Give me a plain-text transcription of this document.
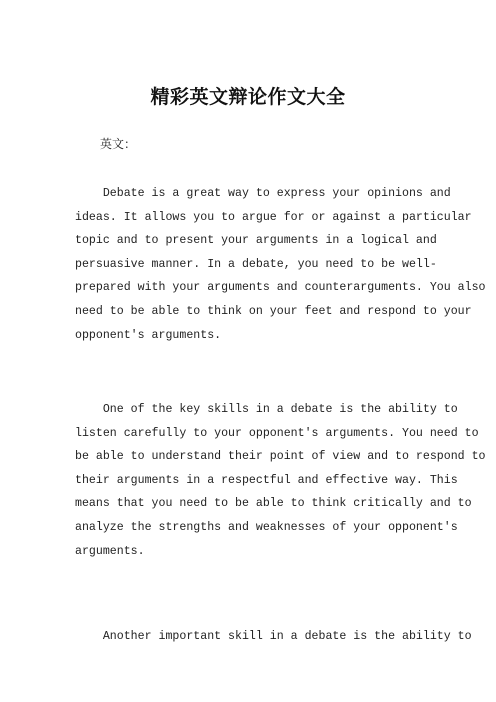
精彩英文辩论作文大全
英文：

Debate is a great way to express your opinions and
ideas. It allows you to argue for or against a particular
topic and to present your arguments in a logical and
persuasive manner. In a debate, you need to be well-
prepared with your arguments and counterarguments. You also
need to be able to think on your feet and respond to your
opponent's arguments.

One of the key skills in a debate is the ability to
listen carefully to your opponent's arguments. You need to
be able to understand their point of view and to respond to
their arguments in a respectful and effective way. This
means that you need to be able to think critically and to
analyze the strengths and weaknesses of your opponent's
arguments.

Another important skill in a debate is the ability to
